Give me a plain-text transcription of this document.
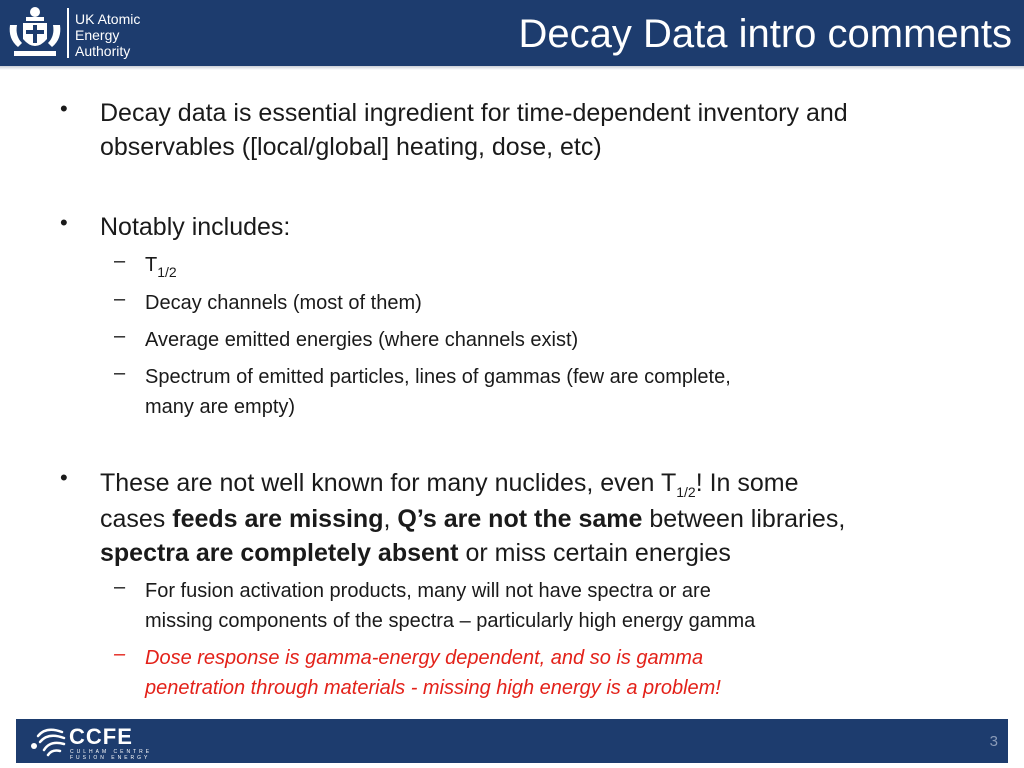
UK Atomic
Energy
Authority	Decay Data intro comments
• Decay data is essential ingredient for time-dependent inventory and
observables ([local/global] heating, dose, etc)
• Notably includes:
– $T_{1/2}$
– Decay channels (most of them)
– Average emitted energies (where channels exist)
– Spectrum of emitted particles, lines of gammas (few are complete,
many are empty)
• These are not well known for many nuclides, even $T_{1/2}$! In some
cases feeds are missing, Q’s are not the same between libraries,
spectra are completely absent or miss certain energies
– For fusion activation products, many will not have spectra or are
missing components of the spectra – particularly high energy gamma
– Dose response is gamma-energy dependent, and so is gamma
penetration through materials - missing high energy is a problem!
CCFE
CULHAM CENTRE
FUSION ENERGY
3
